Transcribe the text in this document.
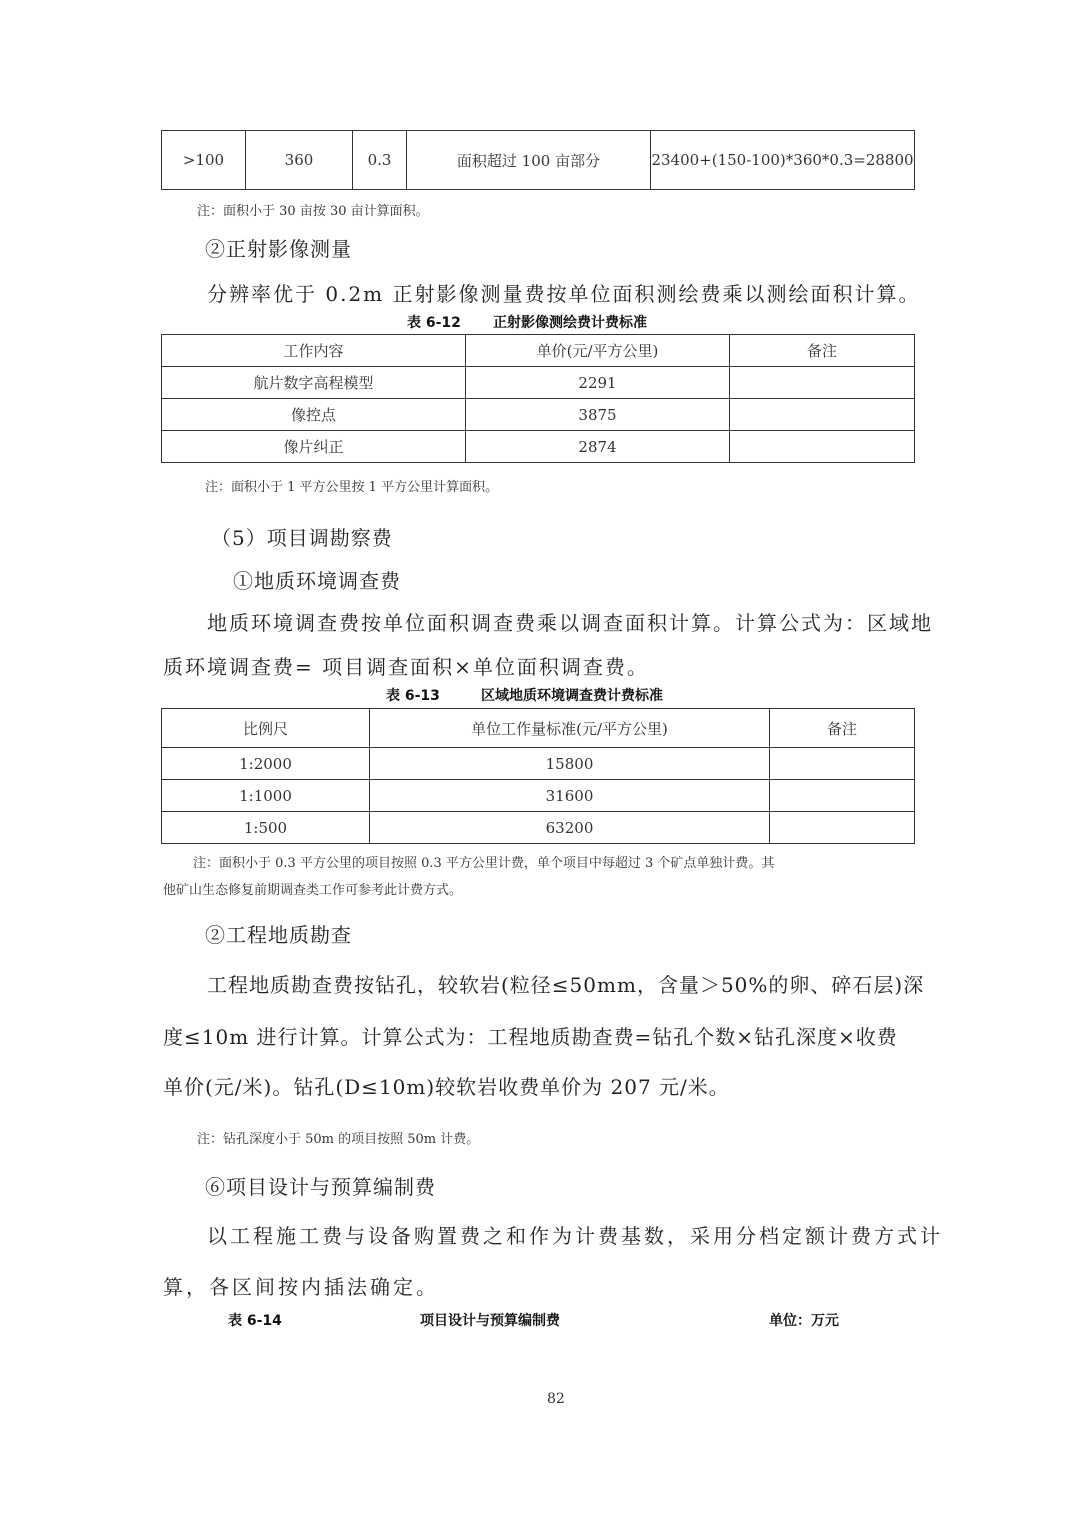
>100	360	0.3	面积超过 100 亩部分	23400+(150-100)*360*0.3=28800
注：面积小于 30 亩按 30 亩计算面积。
②正射影像测量
分辨率优于 0.2m 正射影像测量费按单位面积测绘费乘以测绘面积计算。
表 6-12 正射影像测绘费计费标准
工作内容	单价(元/平方公里)	备注
航片数字高程模型	2291	
像控点	3875	
像片纠正	2874	
注：面积小于 1 平方公里按 1 平方公里计算面积。
（5）项目调勘察费
①地质环境调查费
地质环境调查费按单位面积调查费乘以调查面积计算。计算公式为：区域地
质环境调查费= 项目调查面积×单位面积调查费。
表 6-13	区域地质环境调查费计费标准
比例尺	单位工作量标准(元/平方公里)	备注
1:2000	15800	
1:1000	31600	
1:500	63200	
注：面积小于 0.3 平方公里的项目按照 0.3 平方公里计费，单个项目中每超过 3 个矿点单独计费。其
他矿山生态修复前期调查类工作可参考此计费方式。
②工程地质勘查
工程地质勘查费按钻孔，较软岩(粒径≤50mm，含量＞50%的卵、碎石层)深
度≤10m 进行计算。计算公式为：工程地质勘查费=钻孔个数×钻孔深度×收费
单价(元/米)。钻孔(D≤10m)较软岩收费单价为 207 元/米。
注：钻孔深度小于 50m 的项目按照 50m 计费。
⑥项目设计与预算编制费
以工程施工费与设备购置费之和作为计费基数，采用分档定额计费方式计
算，各区间按内插法确定。
表 6-14	项目设计与预算编制费	单位：万元
82
